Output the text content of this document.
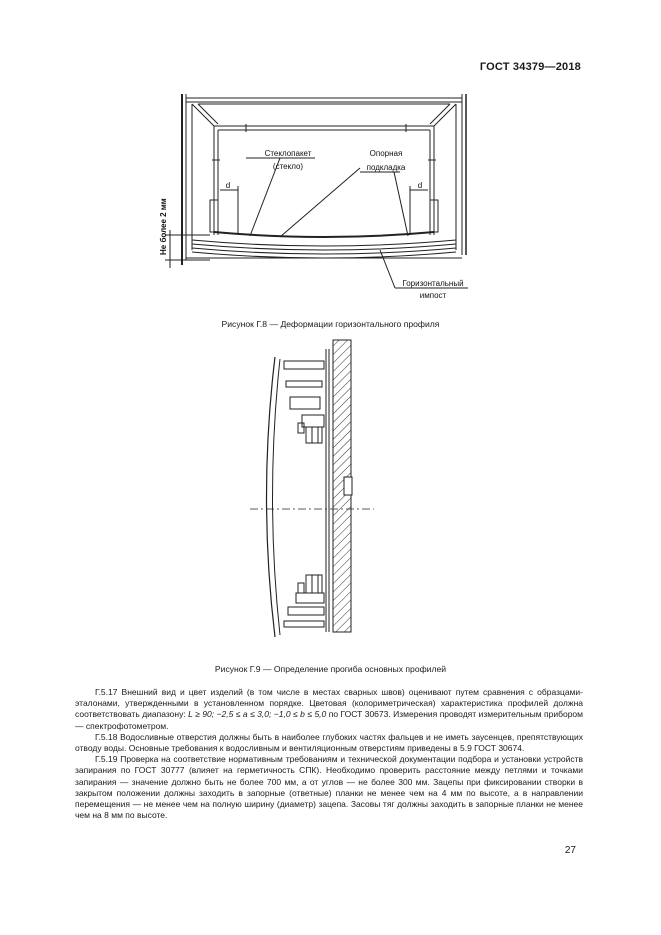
ГОСТ 34379—2018
Стеклопакет
(стекло)
Опорная
подкладка
d	d
Горизонтальный
импост
Не более 2 мм
Рисунок Г.8 — Деформации горизонтального профиля
Рисунок Г.9 — Определение прогиба основных профилей

Г.5.17 Внешний вид и цвет изделий (в том числе в местах сварных швов) оценивают путем сравнения с образцами-эталонами, утвержденными в установленном порядке. Цветовая (колориметрическая) характеристика профилей должна соответствовать диапазону: L ≥ 90; −2,5 ≤ a ≤ 3,0; −1,0 ≤ b ≤ 5,0 по ГОСТ 30673. Измерения проводят измерительным прибором — спектрофотометром.

Г.5.18 Водосливные отверстия должны быть в наиболее глубоких частях фальцев и не иметь заусенцев, препятствующих отводу воды. Основные требования к водосливным и вентиляционным отверстиям приведены в 5.9 ГОСТ 30674.

Г.5.19 Проверка на соответствие нормативным требованиям и технической документации подбора и установки устройств запирания по ГОСТ 30777 (влияет на герметичность СПК). Необходимо проверить расстояние между петлями и точками запирания — значение должно быть не более 700 мм, а от углов — не более 300 мм. Зацепы при фиксировании створки в закрытом положении должны заходить в запорные (ответные) планки не менее чем на 4 мм по высоте, а в направлении перемещения — не менее чем на полную ширину (диаметр) зацепа. Засовы тяг должны заходить в запорные планки не менее чем на 8 мм по высоте.

27
